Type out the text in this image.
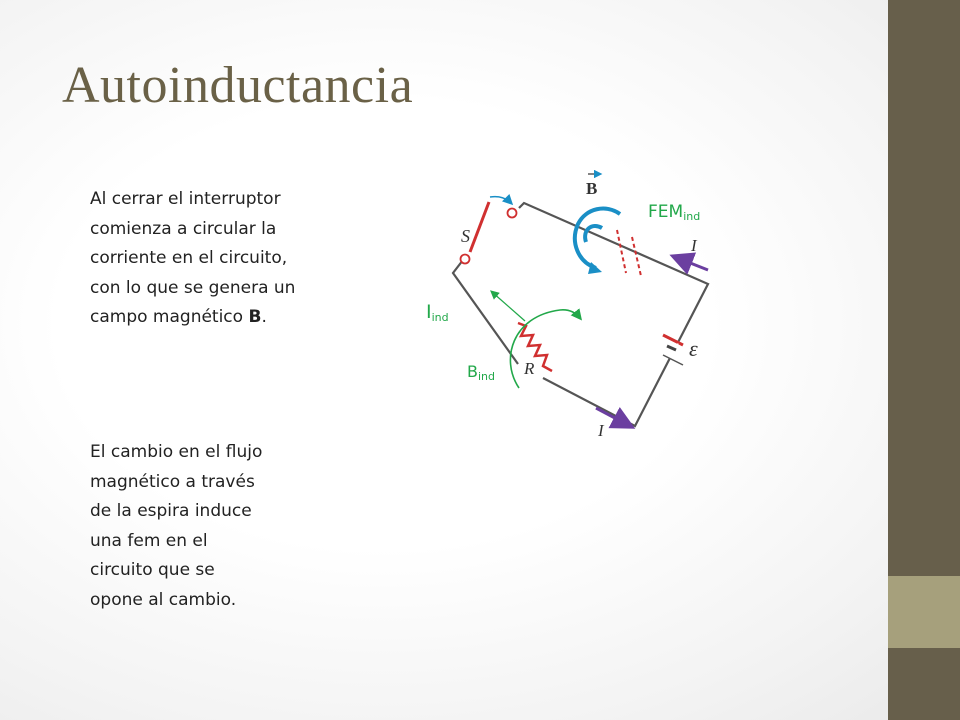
Autoinductancia
Al cerrar el interruptor
comienza a circular la
corriente en el circuito,
con lo que se genera un
campo magnético B.
El cambio en el flujo
magnético a través
de la espira induce
una fem en el
circuito que se
opone al cambio.
S
B
I
ε
R
I
$FEM_{ind}$
$I_{ind}$
$B_{ind}$
